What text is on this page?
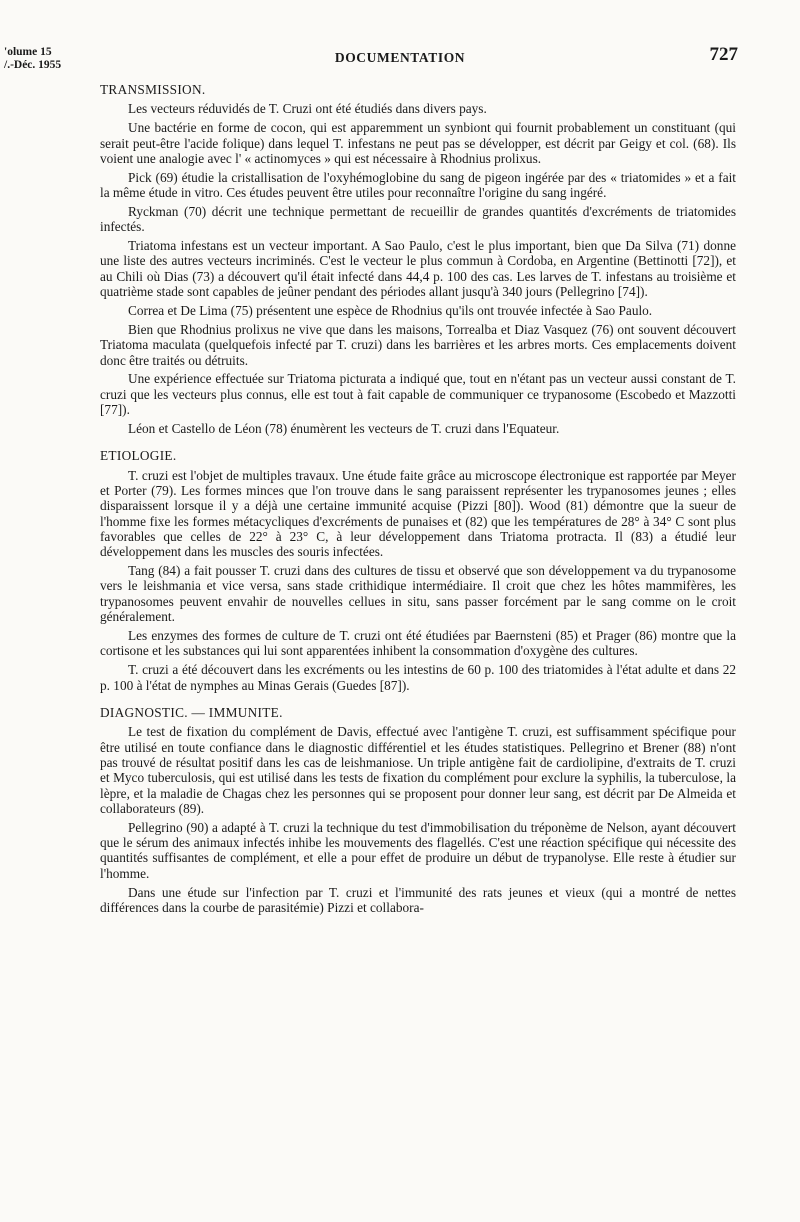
'olume 15
/.-Déc. 1955	DOCUMENTATION	727
TRANSMISSION.

Les vecteurs réduvidés de T. Cruzi ont été étudiés dans divers pays.

Une bactérie en forme de cocon, qui est apparemment un synbiont qui fournit probablement un constituant (qui serait peut-être l'acide folique) dans lequel T. infestans ne peut pas se développer, est décrit par Geigy et col. (68). Ils voient une analogie avec l' « actinomyces » qui est nécessaire à Rhodnius prolixus.

Pick (69) étudie la cristallisation de l'oxyhémoglobine du sang de pigeon ingérée par des « triatomides » et a fait la même étude in vitro. Ces études peuvent être utiles pour reconnaître l'origine du sang ingéré.

Ryckman (70) décrit une technique permettant de recueillir de grandes quantités d'excréments de triatomides infectés.

Triatoma infestans est un vecteur important. A Sao Paulo, c'est le plus important, bien que Da Silva (71) donne une liste des autres vecteurs incriminés. C'est le vecteur le plus commun à Cordoba, en Argentine (Bettinotti [72]), et au Chili où Dias (73) a découvert qu'il était infecté dans 44,4 p. 100 des cas. Les larves de T. infestans au troisième et quatrième stade sont capables de jeûner pendant des périodes allant jusqu'à 340 jours (Pellegrino [74]).

Correa et De Lima (75) présentent une espèce de Rhodnius qu'ils ont trouvée infectée à Sao Paulo.

Bien que Rhodnius prolixus ne vive que dans les maisons, Torrealba et Diaz Vasquez (76) ont souvent découvert Triatoma maculata (quelquefois infecté par T. cruzi) dans les barrières et les arbres morts. Ces emplacements doivent donc être traités ou détruits.

Une expérience effectuée sur Triatoma picturata a indiqué que, tout en n'étant pas un vecteur aussi constant de T. cruzi que les vecteurs plus connus, elle est tout à fait capable de communiquer ce trypanosome (Escobedo et Mazzotti [77]).

Léon et Castello de Léon (78) énumèrent les vecteurs de T. cruzi dans l'Equateur.

ETIOLOGIE.

T. cruzi est l'objet de multiples travaux. Une étude faite grâce au microscope électronique est rapportée par Meyer et Porter (79). Les formes minces que l'on trouve dans le sang paraissent représenter les trypanosomes jeunes ; elles disparaissent lorsque il y a déjà une certaine immunité acquise (Pizzi [80]). Wood (81) démontre que la sueur de l'homme fixe les formes métacycliques d'excréments de punaises et (82) que les températures de 28° à 34° C sont plus favorables que celles de 22° à 23° C, à leur développement dans Triatoma protracta. Il (83) a étudié leur développement dans les muscles des souris infectées.

Tang (84) a fait pousser T. cruzi dans des cultures de tissu et observé que son développement va du trypanosome vers le leishmania et vice versa, sans stade crithidique intermédiaire. Il croit que chez les hôtes mammifères, les trypanosomes peuvent envahir de nouvelles cellues in situ, sans passer forcément par le sang comme on le croit généralement.

Les enzymes des formes de culture de T. cruzi ont été étudiées par Baernsteni (85) et Prager (86) montre que la cortisone et les substances qui lui sont apparentées inhibent la consommation d'oxygène des cultures.

T. cruzi a été découvert dans les excréments ou les intestins de 60 p. 100 des triatomides à l'état adulte et dans 22 p. 100 à l'état de nymphes au Minas Gerais (Guedes [87]).

DIAGNOSTIC. — IMMUNITE.

Le test de fixation du complément de Davis, effectué avec l'antigène T. cruzi, est suffisamment spécifique pour être utilisé en toute confiance dans le diagnostic différentiel et les études statistiques. Pellegrino et Brener (88) n'ont pas trouvé de résultat positif dans les cas de leishmaniose. Un triple antigène fait de cardiolipine, d'extraits de T. cruzi et Myco tuberculosis, qui est utilisé dans les tests de fixation du complément pour exclure la syphilis, la tuberculose, la lèpre, et la maladie de Chagas chez les personnes qui se proposent pour donner leur sang, est décrit par De Almeida et collaborateurs (89).

Pellegrino (90) a adapté à T. cruzi la technique du test d'immobilisation du tréponème de Nelson, ayant découvert que le sérum des animaux infectés inhibe les mouvements des flagellés. C'est une réaction spécifique qui nécessite des quantités suffisantes de complément, et elle a pour effet de produire un début de trypanolyse. Elle reste à étudier sur l'homme.

Dans une étude sur l'infection par T. cruzi et l'immunité des rats jeunes et vieux (qui a montré de nettes différences dans la courbe de parasitémie) Pizzi et collabora-
